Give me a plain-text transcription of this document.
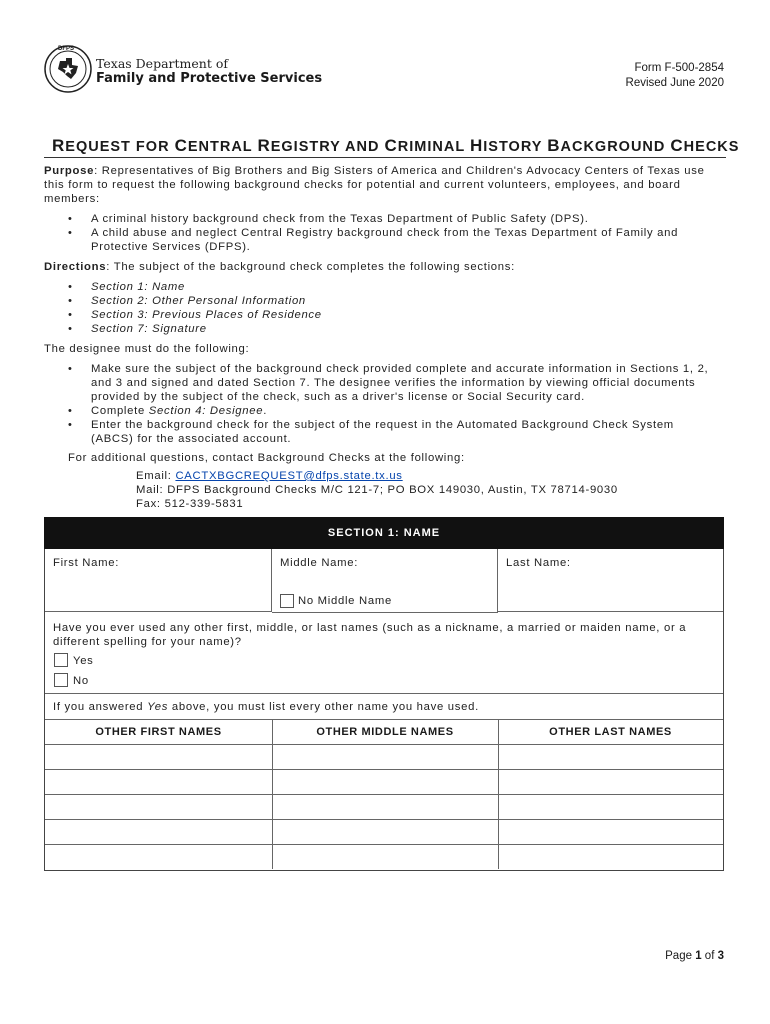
DFPS
Texas Department of
Family and Protective Services
Form F-500-2854
Revised June 2020
REQUEST FOR CENTRAL REGISTRY AND CRIMINAL HISTORY BACKGROUND CHECKS
Purpose: Representatives of Big Brothers and Big Sisters of America and Children's Advocacy Centers of Texas use this form to request the following background checks for potential and current volunteers, employees, and board members:
• A criminal history background check from the Texas Department of Public Safety (DPS).
• A child abuse and neglect Central Registry background check from the Texas Department of Family and Protective Services (DFPS).
Directions: The subject of the background check completes the following sections:
• Section 1: Name
• Section 2: Other Personal Information
• Section 3: Previous Places of Residence
• Section 7: Signature
The designee must do the following:
• Make sure the subject of the background check provided complete and accurate information in Sections 1, 2, and 3 and signed and dated Section 7. The designee verifies the information by viewing official documents provided by the subject of the check, such as a driver's license or Social Security card.
• Complete Section 4: Designee.
• Enter the background check for the subject of the request in the Automated Background Check System (ABCS) for the associated account.
For additional questions, contact Background Checks at the following:
Email: CACTXBGCREQUEST@dfps.state.tx.us
Mail: DFPS Background Checks M/C 121-7; PO BOX 149030, Austin, TX 78714-9030
Fax: 512-339-5831
SECTION 1: NAME
First Name:	Middle Name:
No Middle Name
Last Name:
Have you ever used any other first, middle, or last names (such as a nickname, a married or maiden name, or a different spelling for your name)?
Yes
No
If you answered Yes above, you must list every other name you have used.
OTHER FIRST NAMES	OTHER MIDDLE NAMES	OTHER LAST NAMES
Page 1 of 3
